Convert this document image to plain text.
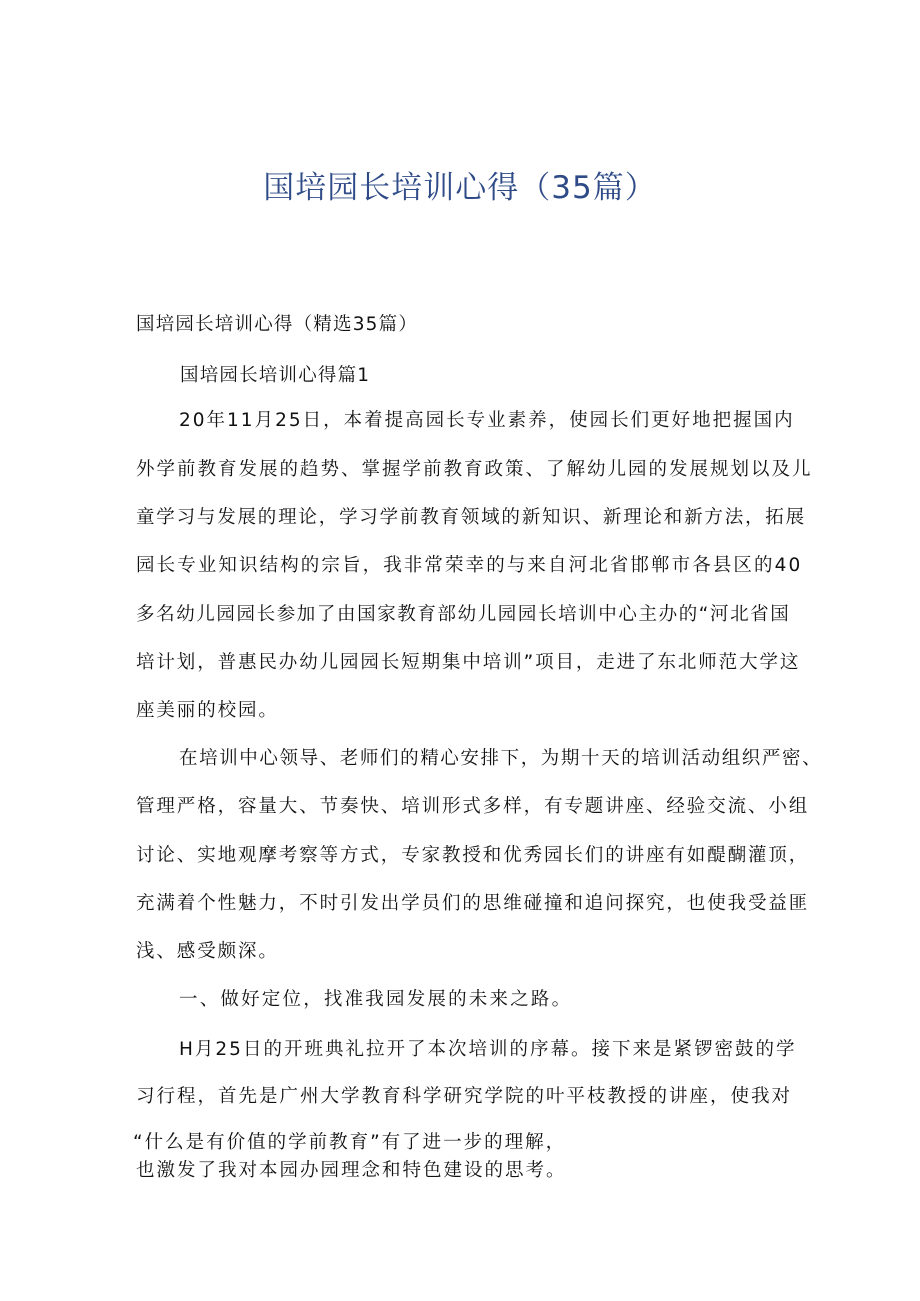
国培园长培训心得（35篇）
国培园长培训心得（精选35篇）
国培园长培训心得篇1
20年11月25日，本着提高园长专业素养，使园长们更好地把握国内
外学前教育发展的趋势、掌握学前教育政策、了解幼儿园的发展规划以及儿
童学习与发展的理论，学习学前教育领域的新知识、新理论和新方法，拓展
园长专业知识结构的宗旨，我非常荣幸的与来自河北省邯郸市各县区的40
多名幼儿园园长参加了由国家教育部幼儿园园长培训中心主办的“河北省国
培计划，普惠民办幼儿园园长短期集中培训”项目，走进了东北师范大学这
座美丽的校园。
在培训中心领导、老师们的精心安排下，为期十天的培训活动组织严密、
管理严格，容量大、节奏快、培训形式多样，有专题讲座、经验交流、小组
讨论、实地观摩考察等方式，专家教授和优秀园长们的讲座有如醍醐灌顶，
充满着个性魅力，不时引发出学员们的思维碰撞和追问探究，也使我受益匪
浅、感受颇深。
一、做好定位，找准我园发展的未来之路。
H月25日的开班典礼拉开了本次培训的序幕。接下来是紧锣密鼓的学
习行程，首先是广州大学教育科学研究学院的叶平枝教授的讲座，使我对
“什么是有价值的学前教育”有了进一步的理解，
也激发了我对本园办园理念和特色建设的思考。
